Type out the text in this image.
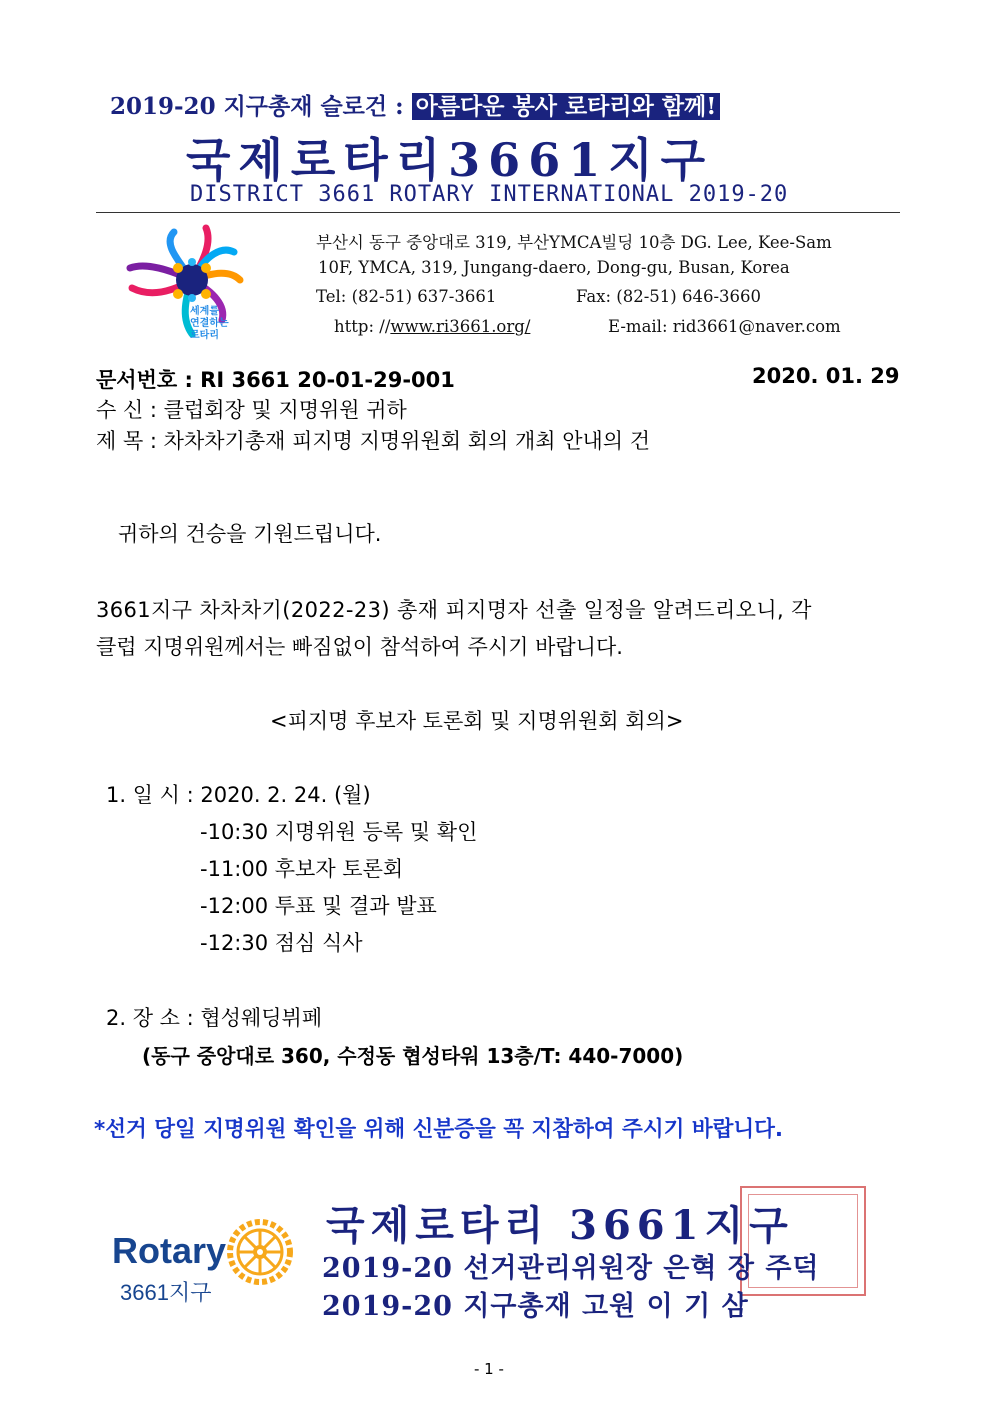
2019-20 지구총재 슬로건 : 아름다운 봉사 로타리와 함께!
국제로타리3661지구
DISTRICT 3661 ROTARY INTERNATIONAL 2019-20
세계를
연결하는
로타리
부산시 동구 중앙대로 319, 부산YMCA빌딩 10층 DG. Lee, Kee-Sam
10F, YMCA, 319, Jungang-daero, Dong-gu, Busan, Korea
Tel: (82-51) 637-3661	Fax: (82-51) 646-3660
http: //www.ri3661.org/	E-mail: rid3661@naver.com
문서번호 : RI 3661 20-01-29-001	2020. 01. 29
수 신 : 클럽회장 및 지명위원 귀하
제 목 : 차차차기총재 피지명 지명위원회 회의 개최 안내의 건
귀하의 건승을 기원드립니다.
3661지구 차차차기(2022-23) 총재 피지명자 선출 일정을 알려드리오니, 각
클럽 지명위원께서는 빠짐없이 참석하여 주시기 바랍니다.
<피지명 후보자 토론회 및 지명위원회 회의>
1. 일 시 : 2020. 2. 24. (월)
-10:30 지명위원 등록 및 확인
-11:00 후보자 토론회
-12:00 투표 및 결과 발표
-12:30 점심 식사
2. 장 소 : 협성웨딩뷔페
(동구 중앙대로 360, 수정동 협성타워 13층/T: 440-7000)
*선거 당일 지명위원 확인을 위해 신분증을 꼭 지참하여 주시기 바랍니다.
Rotary
3661지구
국제로타리 3661지구
2019-20 선거관리위원장 은혁 장 주덕
2019-20 지구총재 고원 이 기 삼
- 1 -
